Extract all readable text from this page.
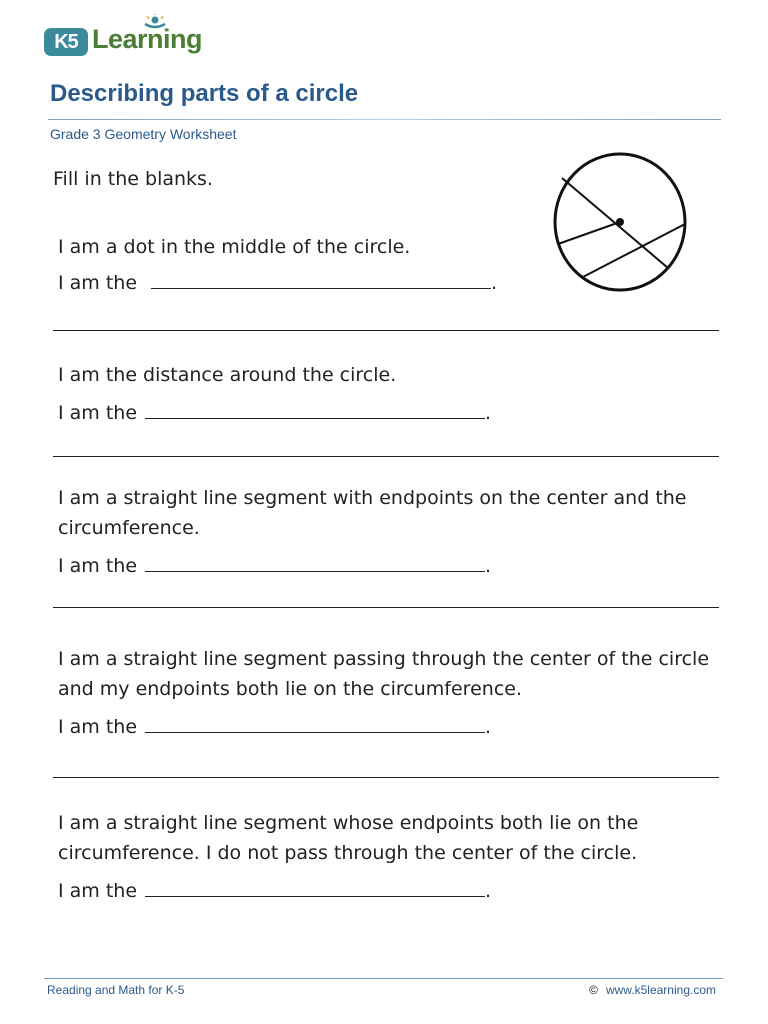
K5 Learning
Describing parts of a circle
Grade 3 Geometry Worksheet
Fill in the blanks.
I am a dot in the middle of the circle.
I am the	.
I am the distance around the circle.
I am the	.
I am a straight line segment with endpoints on the center and the circumference.
I am the	.
I am a straight line segment passing through the center of the circle and my endpoints both lie on the circumference.
I am the	.
I am a straight line segment whose endpoints both lie on the circumference. I do not pass through the center of the circle.
I am the	.
Reading and Math for K-5	© www.k5learning.com
